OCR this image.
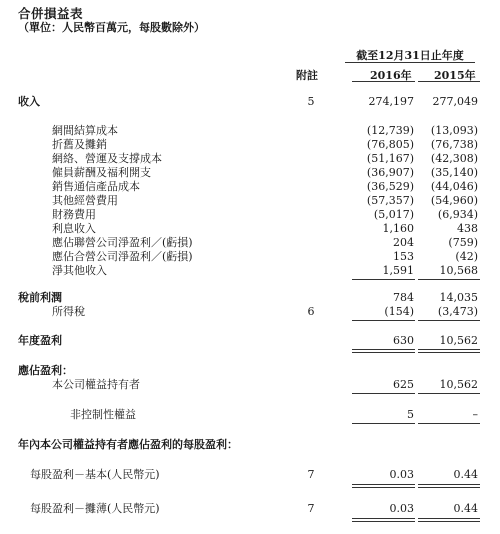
合併損益表
（單位：人民幣百萬元，每股數除外）
截至12月31日止年度
附註	2016年 2015年
收入	5	274,197 277,049
網間結算成本	(12,739) (13,093)
折舊及攤銷	(76,805) (76,738)
網絡、營運及支撐成本	(51,167) (42,308)
僱員薪酬及福利開支	(36,907) (35,140)
銷售通信產品成本	(36,529) (44,046)
其他經營費用	(57,357) (54,960)
財務費用	(5,017) (6,934)
利息收入	1,160	438
應佔聯營公司淨盈利／(虧損)	204	(759)
應佔合營公司淨盈利／(虧損)	153	(42)
淨其他收入	1,591 10,568
稅前利潤	784 14,035
所得稅	6	(154) (3,473)
年度盈利	630 10,562
應佔盈利：
本公司權益持有者	625 10,562
非控制性權益	5	–
年內本公司權益持有者應佔盈利的每股盈利：
每股盈利－基本(人民幣元)	7	0.03	0.44
每股盈利－攤薄(人民幣元)	7	0.03	0.44
